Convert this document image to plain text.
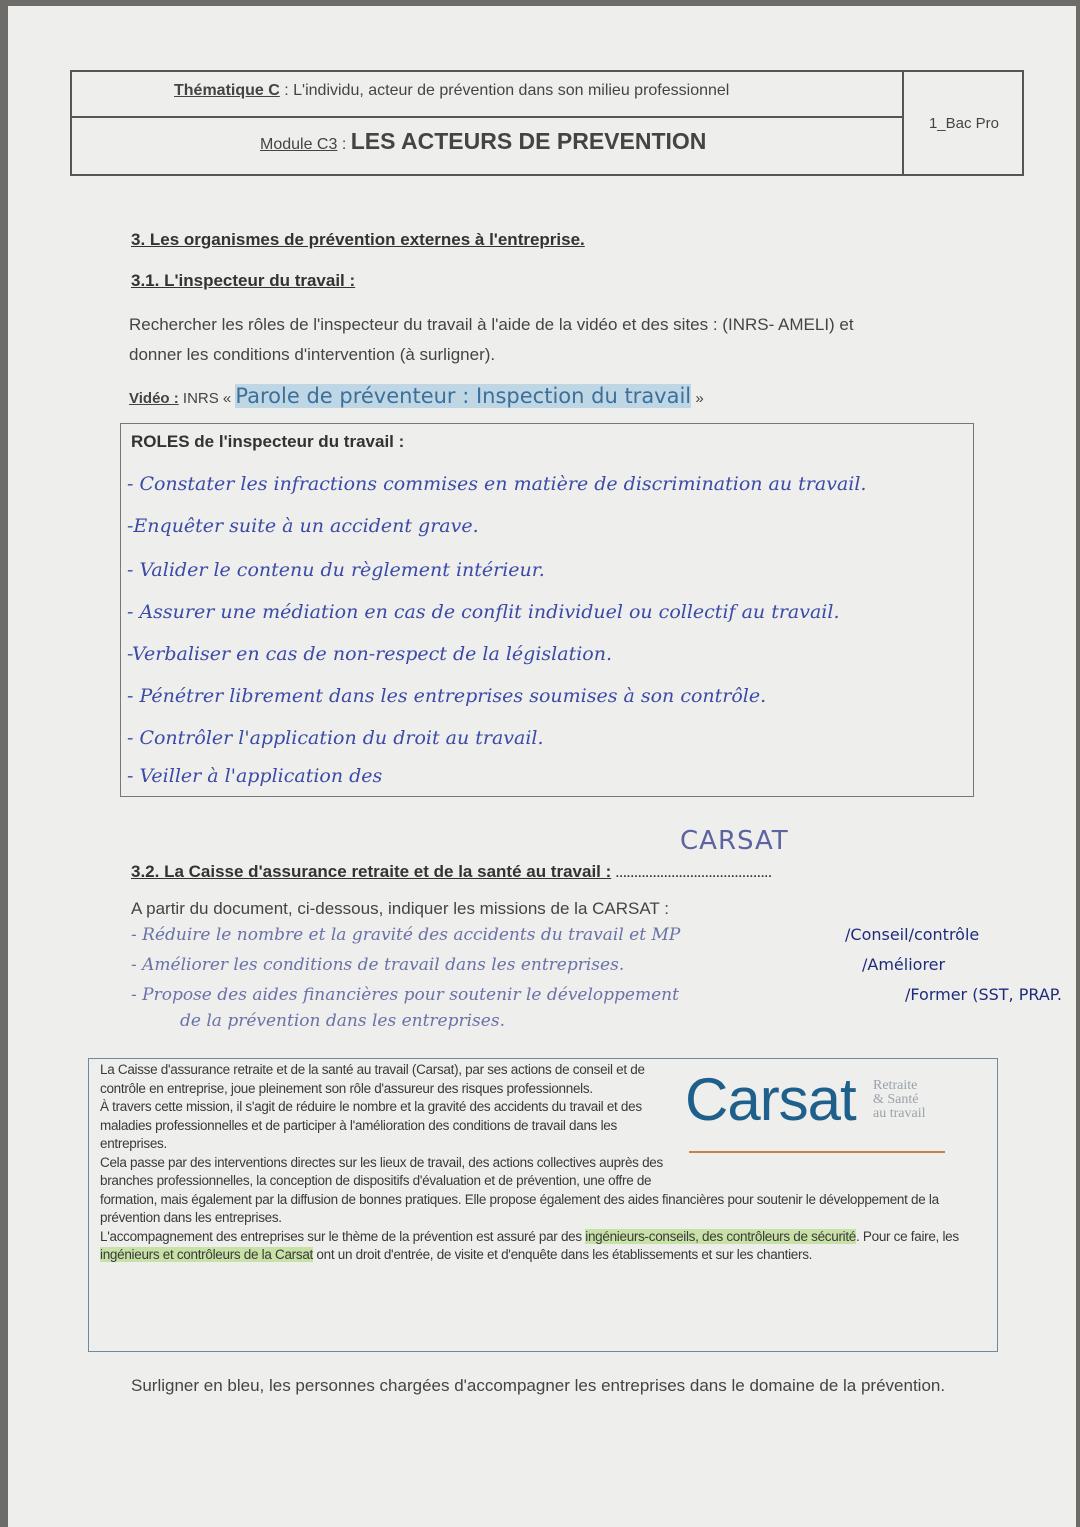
Thématique C : L'individu, acteur de prévention dans son milieu professionnel
Module C3 : LES ACTEURS DE PREVENTION
1_Bac Pro
3. Les organismes de prévention externes à l'entreprise.
3.1. L'inspecteur du travail :
Rechercher les rôles de l'inspecteur du travail à l'aide de la vidéo et des sites : (INRS- AMELI) et
donner les conditions d'intervention (à surligner).
Vidéo : INRS « Parole de préventeur : Inspection du travail »
ROLES de l'inspecteur du travail :
- Constater les infractions commises en matière de discrimination au travail.
-Enquêter suite à un accident grave.
- Valider le contenu du règlement intérieur.
- Assurer une médiation en cas de conflit individuel ou collectif au travail.
-Verbaliser en cas de non-respect de la législation.
- Pénétrer librement dans les entreprises soumises à son contrôle.
- Contrôler l'application du droit au travail.
- Veiller à l'application des
CARSAT
3.2. La Caisse d'assurance retraite et de la santé au travail : ..........................................
A partir du document, ci-dessous, indiquer les missions de la CARSAT :
- Réduire le nombre et la gravité des accidents du travail et MP
- Améliorer les conditions de travail dans les entreprises.
- Propose des aides financières pour soutenir le développement
de la prévention dans les entreprises.
/Conseil/contrôle
/Améliorer
/Former (SST, PRAP.
Carsat Retraite
& Santé
au travail

La Caisse d'assurance retraite et de la santé au travail (Carsat), par ses actions de conseil et de contrôle en entreprise, joue pleinement son rôle d'assureur des risques professionnels.

À travers cette mission, il s'agit de réduire le nombre et la gravité des accidents du travail et des maladies professionnelles et de participer à l'amélioration des conditions de travail dans les entreprises.

Cela passe par des interventions directes sur les lieux de travail, des actions collectives auprès des branches professionnelles, la conception de dispositifs d'évaluation et de prévention, une offre de formation, mais également par la diffusion de bonnes pratiques. Elle propose également des aides financières pour soutenir le développement de la prévention dans les entreprises.

L'accompagnement des entreprises sur le thème de la prévention est assuré par des ingénieurs-conseils, des contrôleurs de sécurité. Pour ce faire, les ingénieurs et contrôleurs de la Carsat ont un droit d'entrée, de visite et d'enquête dans les établissements et sur les chantiers.

Surligner en bleu, les personnes chargées d'accompagner les entreprises dans le domaine de la prévention.
